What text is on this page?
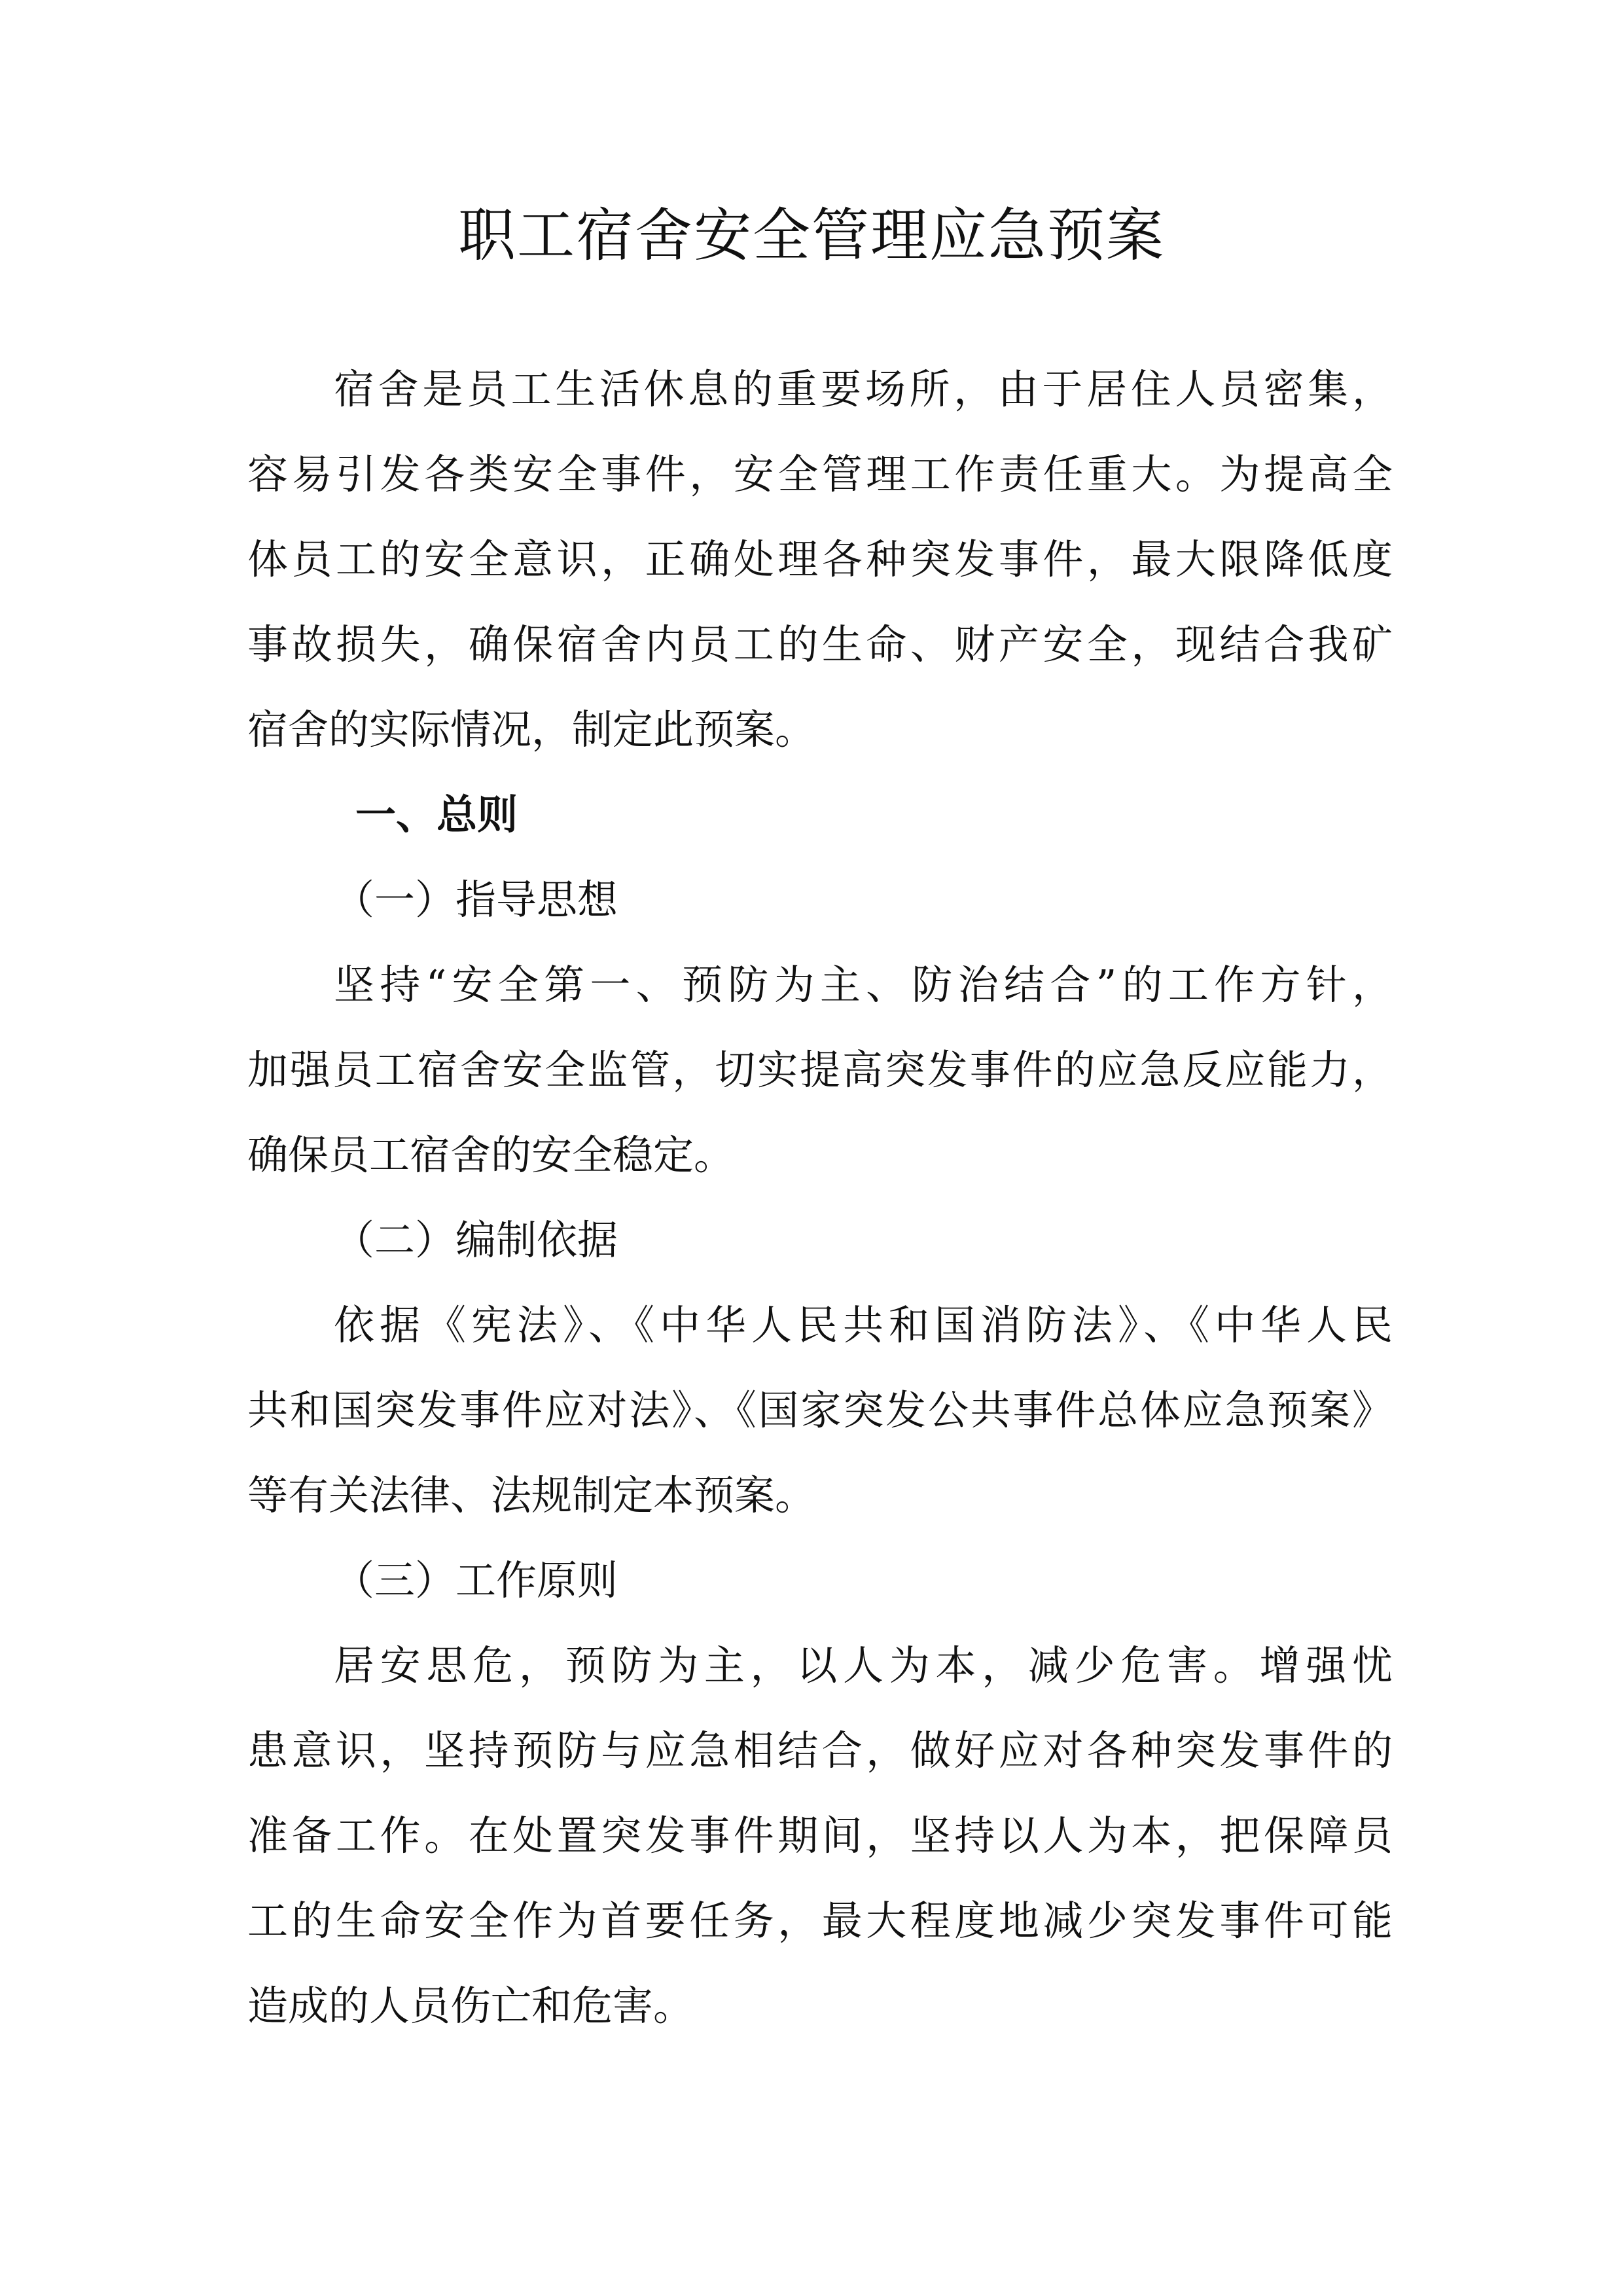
职工宿舍安全管理应急预案
宿舍是员工生活休息的重要场所，由于居住人员密集，
容易引发各类安全事件，安全管理工作责任重大。为提高全
体员工的安全意识，正确处理各种突发事件，最大限降低度
事故损失，确保宿舍内员工的生命、财产安全，现结合我矿
宿舍的实际情况，制定此预案。
一、总则
（一）指导思想
坚持“安全第一、预防为主、防治结合”的工作方针，
加强员工宿舍安全监管，切实提高突发事件的应急反应能力，
确保员工宿舍的安全稳定。
（二）编制依据
依据《宪法》、《中华人民共和国消防法》、《中华人民
共和国突发事件应对法》、《国家突发公共事件总体应急预案》
等有关法律、法规制定本预案。
（三）工作原则
居安思危，预防为主，以人为本，减少危害。增强忧
患意识，坚持预防与应急相结合，做好应对各种突发事件的
准备工作。在处置突发事件期间，坚持以人为本，把保障员
工的生命安全作为首要任务，最大程度地减少突发事件可能
造成的人员伤亡和危害。
